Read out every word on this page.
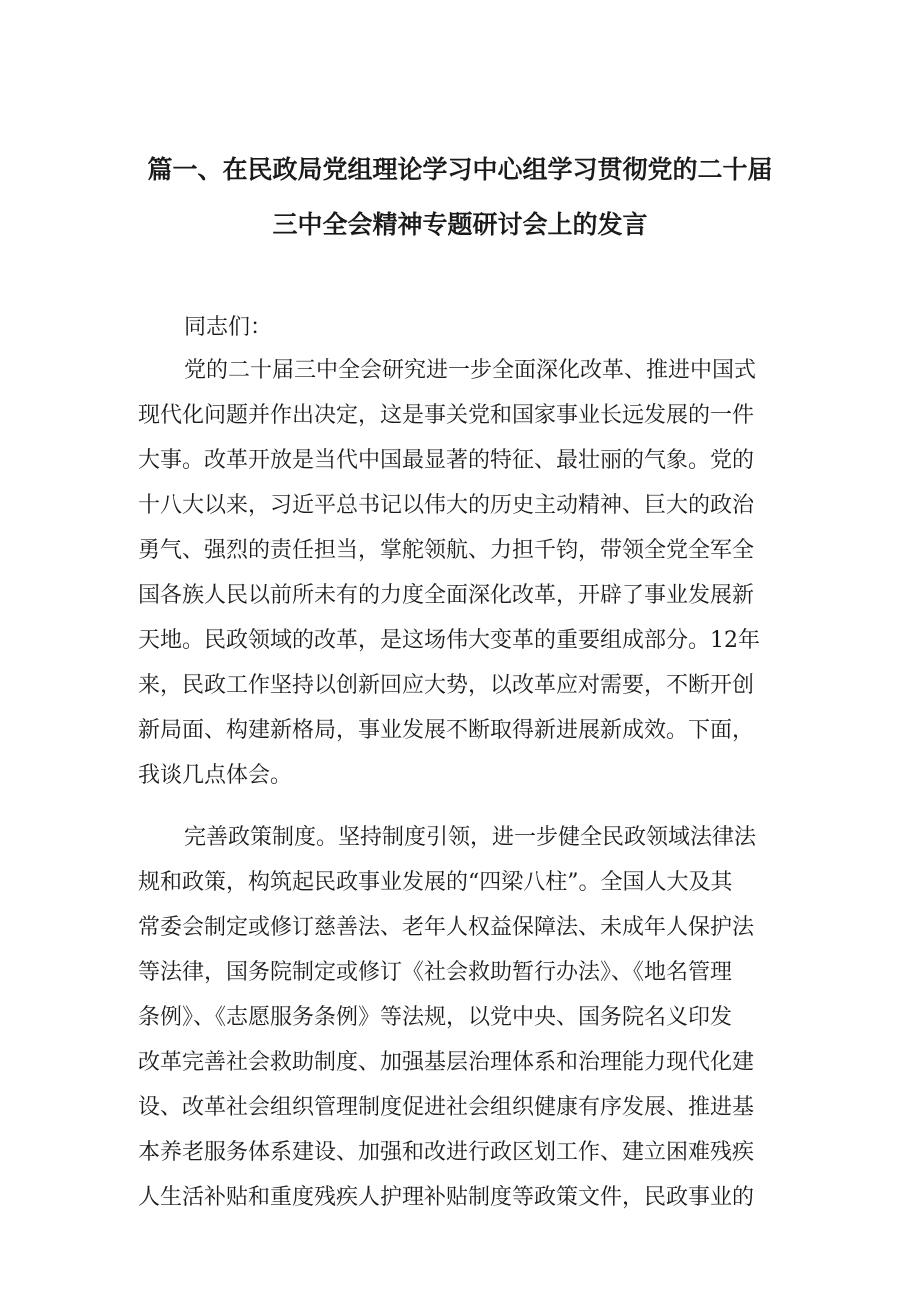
篇一、在民政局党组理论学习中心组学习贯彻党的二十届
三中全会精神专题研讨会上的发言
同志们：
党的二十届三中全会研究进一步全面深化改革、推进中国式
现代化问题并作出决定，这是事关党和国家事业长远发展的一件
大事。改革开放是当代中国最显著的特征、最壮丽的气象。党的
十八大以来，习近平总书记以伟大的历史主动精神、巨大的政治
勇气、强烈的责任担当，掌舵领航、力担千钧，带领全党全军全
国各族人民以前所未有的力度全面深化改革，开辟了事业发展新
天地。民政领域的改革，是这场伟大变革的重要组成部分。12年
来，民政工作坚持以创新回应大势，以改革应对需要，不断开创
新局面、构建新格局，事业发展不断取得新进展新成效。下面，
我谈几点体会。
完善政策制度。坚持制度引领，进一步健全民政领域法律法
规和政策，构筑起民政事业发展的“四梁八柱”。全国人大及其
常委会制定或修订慈善法、老年人权益保障法、未成年人保护法
等法律，国务院制定或修订《社会救助暂行办法》、《地名管理
条例》、《志愿服务条例》等法规，以党中央、国务院名义印发
改革完善社会救助制度、加强基层治理体系和治理能力现代化建
设、改革社会组织管理制度促进社会组织健康有序发展、推进基
本养老服务体系建设、加强和改进行政区划工作、建立困难残疾
人生活补贴和重度残疾人护理补贴制度等政策文件，民政事业的
